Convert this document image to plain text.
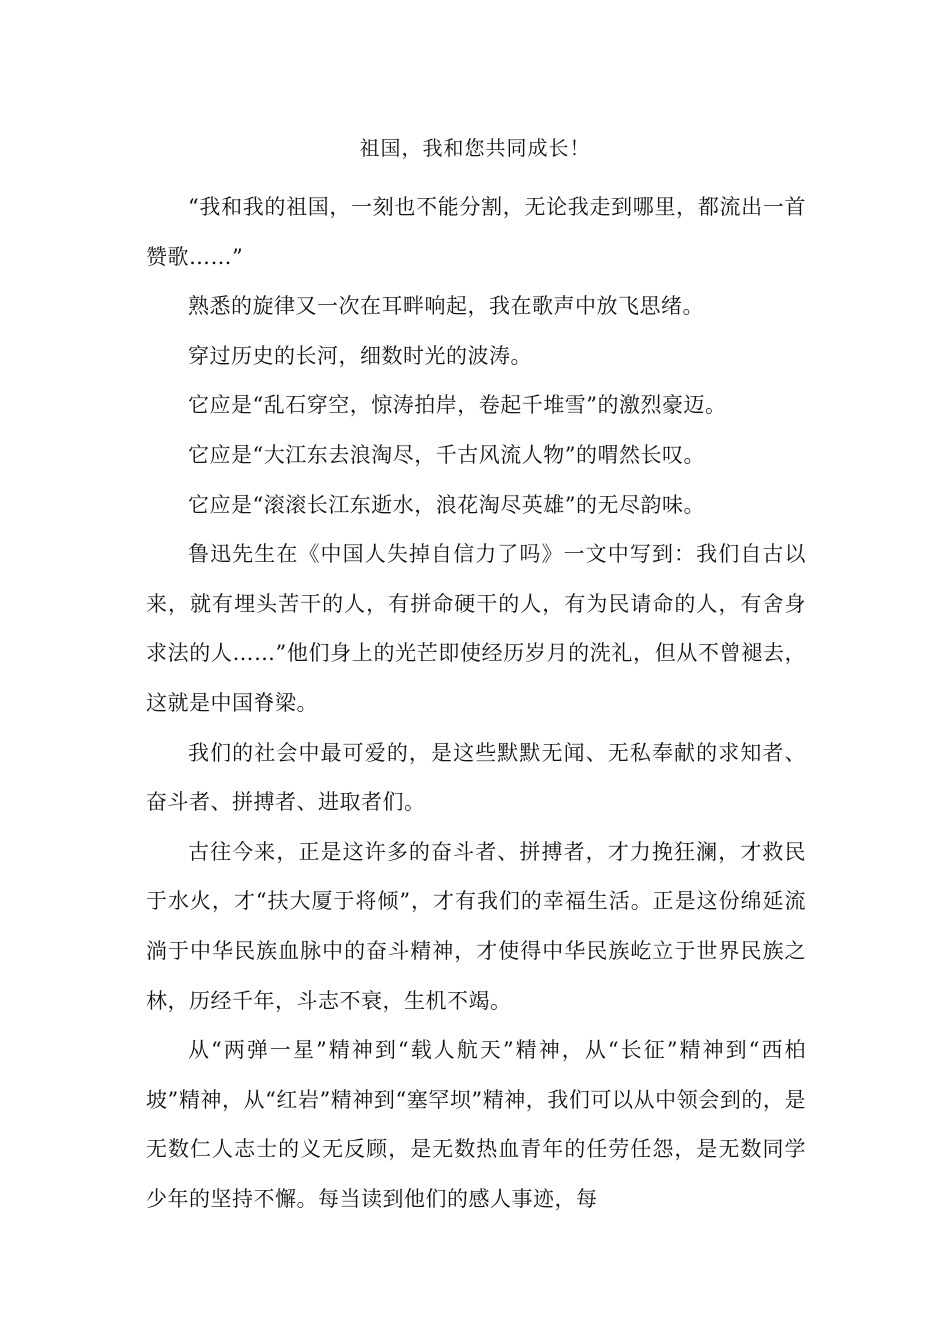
祖国，我和您共同成长！

“我和我的祖国，一刻也不能分割，无论我走到哪里，都流出一首赞歌……”

熟悉的旋律又一次在耳畔响起，我在歌声中放飞思绪。

穿过历史的长河，细数时光的波涛。

它应是“乱石穿空，惊涛拍岸，卷起千堆雪”的激烈豪迈。

它应是“大江东去浪淘尽，千古风流人物”的喟然长叹。

它应是“滚滚长江东逝水，浪花淘尽英雄”的无尽韵味。

鲁迅先生在《中国人失掉自信力了吗》一文中写到：我们自古以来，就有埋头苦干的人，有拼命硬干的人，有为民请命的人，有舍身求法的人……”他们身上的光芒即使经历岁月的洗礼，但从不曾褪去，这就是中国脊梁。

我们的社会中最可爱的，是这些默默无闻、无私奉献的求知者、奋斗者、拼搏者、进取者们。

古往今来，正是这许多的奋斗者、拼搏者，才力挽狂澜，才救民于水火，才“扶大厦于将倾”，才有我们的幸福生活。正是这份绵延流淌于中华民族血脉中的奋斗精神，才使得中华民族屹立于世界民族之林，历经千年，斗志不衰，生机不竭。

从“两弹一星”精神到“载人航天”精神，从“长征”精神到“西柏坡”精神，从“红岩”精神到“塞罕坝”精神，我们可以从中领会到的，是无数仁人志士的义无反顾，是无数热血青年的任劳任怨，是无数同学少年的坚持不懈。每当读到他们的感人事迹，每
